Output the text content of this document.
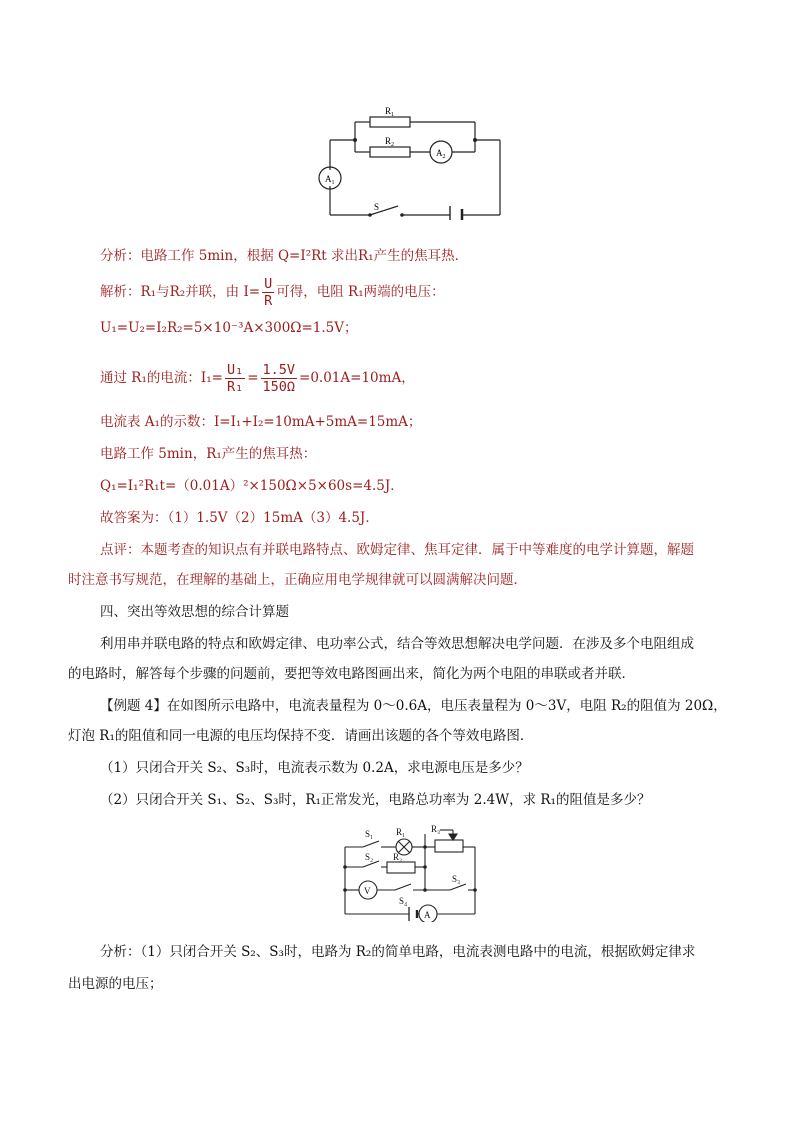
$R_1$
$R_2$
$A_2$
$A_1$
S
分析：电路工作 5min，根据 Q=I²Rt 求出R₁产生的焦耳热．
解析：R₁与R₂并联，由 $I= \frac{U}{R}$ 可得，电阻 R₁两端的电压：
U₁=U₂=I₂R₂=5×10⁻³A×300Ω=1.5V；
通过 R₁的电流：$I_1= \frac{\text{U₁}}{\text{R₁}} = \frac{1.5V}{150\Omega} =0.01A=10mA$，
电流表 A₁的示数：I=I₁+I₂=10mA+5mA=15mA；
电路工作 5min，R₁产生的焦耳热：
Q₁=I₁²R₁t=（0.01A）²×150Ω×5×60s=4.5J．
故答案为：（1）1.5V（2）15mA（3）4.5J．
点评：本题考查的知识点有并联电路特点、欧姆定律、焦耳定律．属于中等难度的电学计算题，解题
时注意书写规范，在理解的基础上，正确应用电学规律就可以圆满解决问题．
四、突出等效思想的综合计算题
利用串并联电路的特点和欧姆定律、电功率公式，结合等效思想解决电学问题．在涉及多个电阻组成
的电路时，解答每个步骤的问题前，要把等效电路图画出来，简化为两个电阻的串联或者并联．
【例题 4】在如图所示电路中，电流表量程为 0～0.6A，电压表量程为 0～3V，电阻 R₂的阻值为 20Ω，
灯泡 R₁的阻值和同一电源的电压均保持不变．请画出该题的各个等效电路图．
（1）只闭合开关 S₂、S₃时，电流表示数为 0.2A，求电源电压是多少？
（2）只闭合开关 S₁、S₂、S₃时，R₁正常发光，电路总功率为 2.4W，求 R₁的阻值是多少？
S₁	R₁	R₃
S₂ R₂
V
S₃
S₄
A
分析：（1）只闭合开关 S₂、S₃时，电路为 R₂的简单电路，电流表测电路中的电流，根据欧姆定律求
出电源的电压；
